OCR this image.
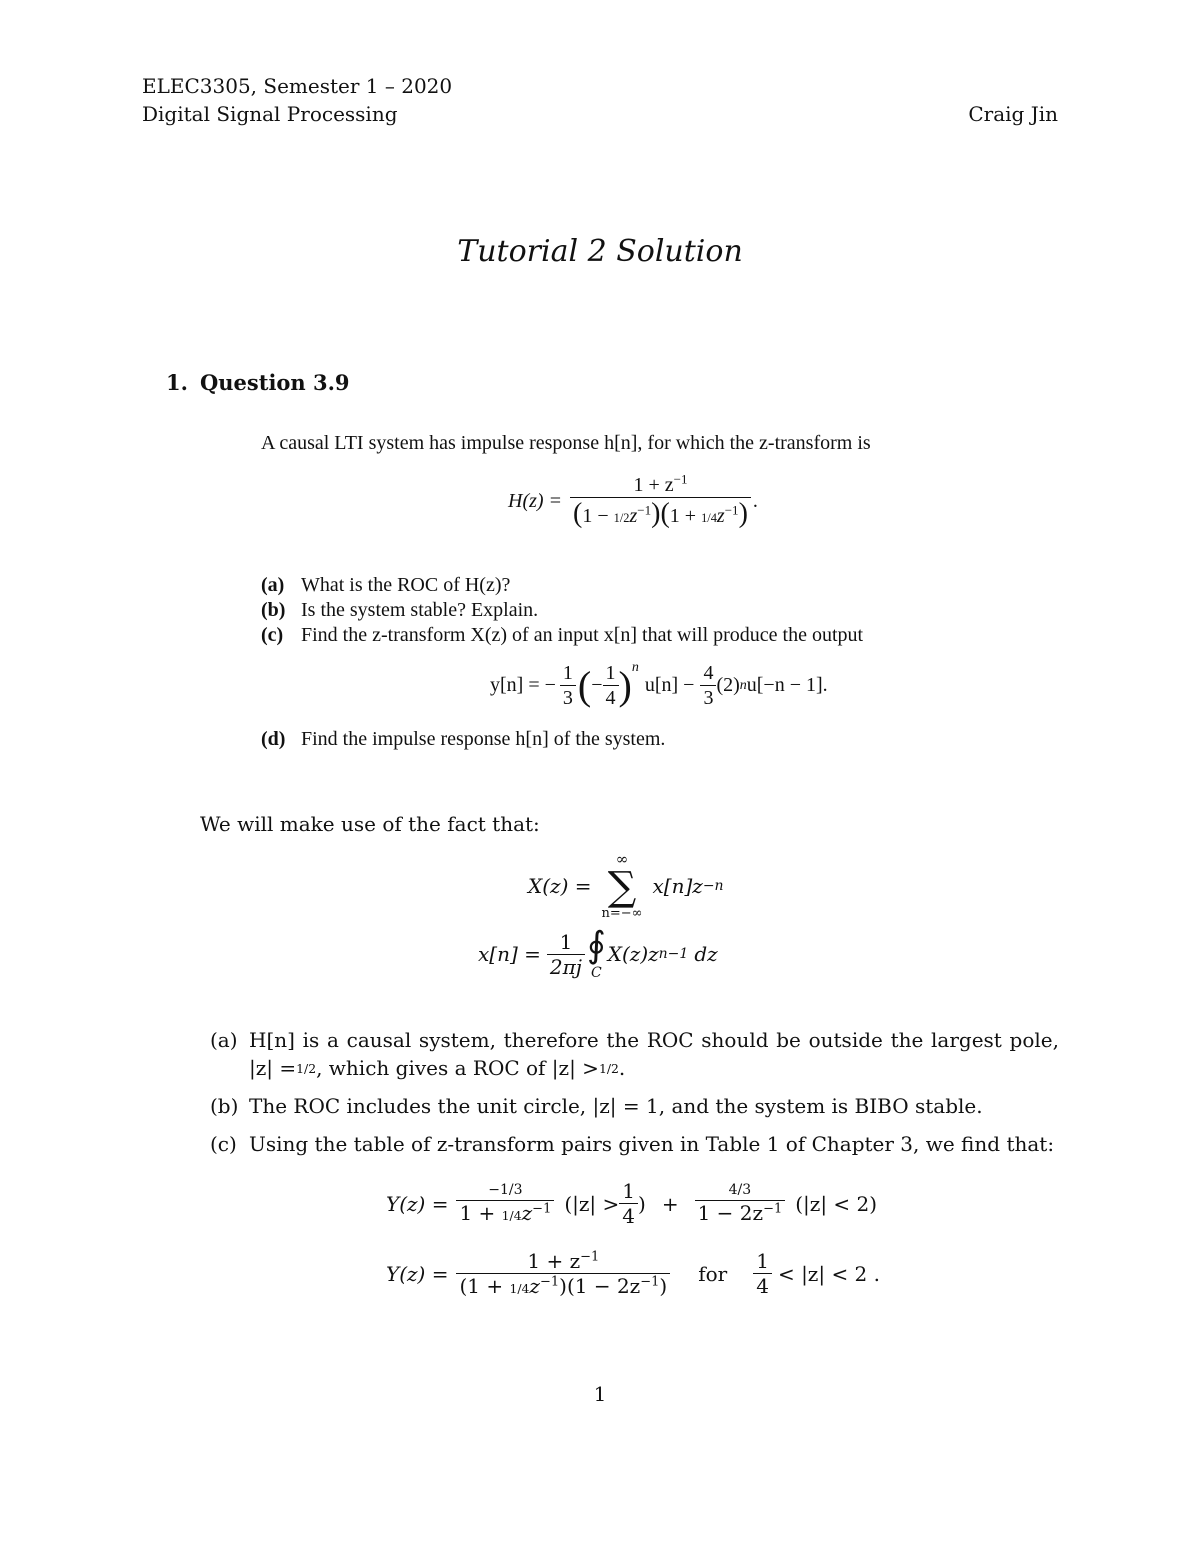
ELEC3305, Semester 1 – 2020
Digital Signal Processing	Craig Jin
Tutorial 2 Solution
1. Question 3.9
A causal LTI system has impulse response h[n], for which the z-transform is
$H(z) = \frac{1 + z^{-1}}{(1 - 1/2z^{-1})(1 + 1/4z^{-1})}$ .
(a) What is the ROC of H(z)?
(b) Is the system stable? Explain.
(c) Find the z-transform X(z) of an input x[n] that will produce the output
y[n] = − $\frac{1}{3}$ ( − $\frac{1}{4}$ ) n
$u[n] - \frac{4}{3} (2)$ n u[−n − 1].
(d) Find the impulse response h[n] of the system.
We will make use of the fact that:
X(z) =
∞
∑
n=−∞
x[n]z −n
$x[n] = \frac{1}{2\pi j}$ ∮
C
X(z)z n−1 dz
(a) H[n] is a causal system, therefore the ROC should be outside the largest pole,
|z| = 1/2 , which gives a ROC of |z| > 1/2 .
(b) The ROC includes the unit circle, |z| = 1, and the system is BIBO stable.
(c) Using the table of z-transform pairs given in Table 1 of Chapter 3, we find that:
$Y(z) = \frac{-1/3}{1 + 1/4z^{-1}} (|z| > \frac{1}{4}$ ) + $\frac{4/3}{1 - 2z^{-1}} (|z| < 2)$
$Y(z) = \frac{1 + z^{-1}}{(1 + 1/4z^{-1})(1 - 2z^{-1})}$ for $\frac{1}{4} < |z| < 2$ .
1
